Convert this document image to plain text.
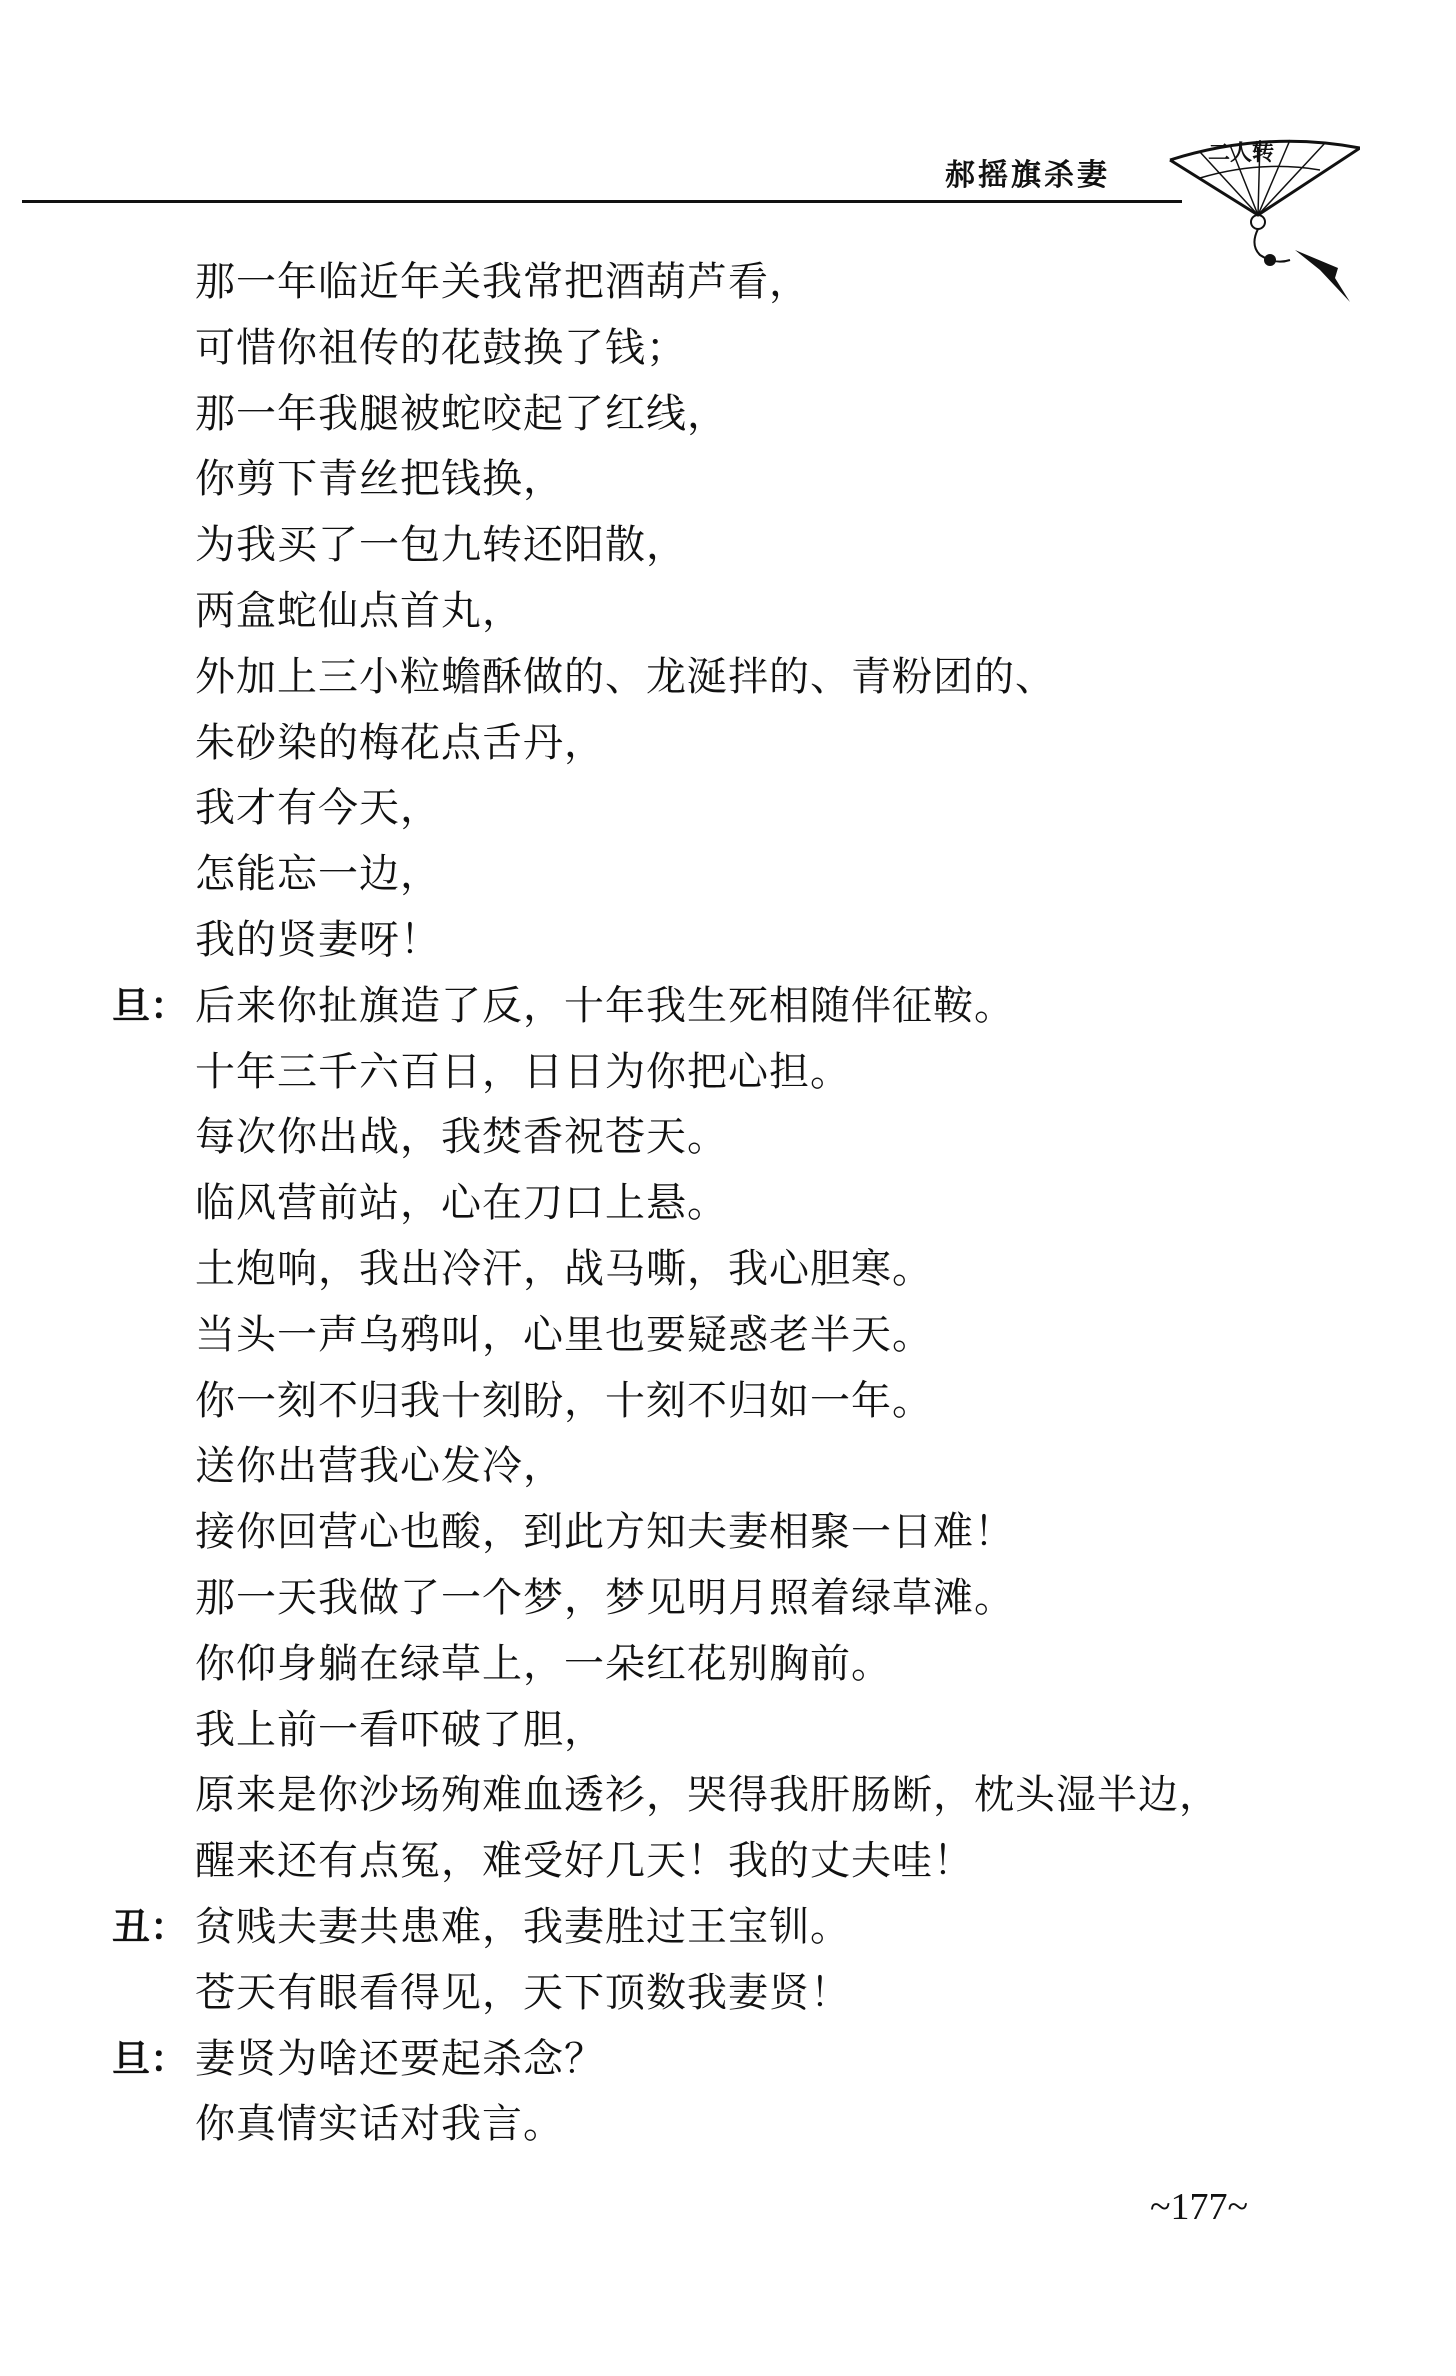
郝摇旗杀妻
二人转
那一年临近年关我常把酒葫芦看，
可惜你祖传的花鼓换了钱；
那一年我腿被蛇咬起了红线，
你剪下青丝把钱换，
为我买了一包九转还阳散，
两盒蛇仙点首丸，
外加上三小粒蟾酥做的、龙涎拌的、青粉团的、
朱砂染的梅花点舌丹，
我才有今天，
怎能忘一边，
我的贤妻呀！
旦： 后来你扯旗造了反，十年我生死相随伴征鞍。
十年三千六百日，日日为你把心担。
每次你出战，我焚香祝苍天。
临风营前站，心在刀口上悬。
土炮响，我出冷汗，战马嘶，我心胆寒。
当头一声乌鸦叫，心里也要疑惑老半天。
你一刻不归我十刻盼，十刻不归如一年。
送你出营我心发冷，
接你回营心也酸，到此方知夫妻相聚一日难！
那一天我做了一个梦，梦见明月照着绿草滩。
你仰身躺在绿草上，一朵红花别胸前。
我上前一看吓破了胆，
原来是你沙场殉难血透衫，哭得我肝肠断，枕头湿半边，
醒来还有点冤，难受好几天！我的丈夫哇！
丑： 贫贱夫妻共患难，我妻胜过王宝钏。
苍天有眼看得见，天下顶数我妻贤！
旦： 妻贤为啥还要起杀念？
你真情实话对我言。
~177~
